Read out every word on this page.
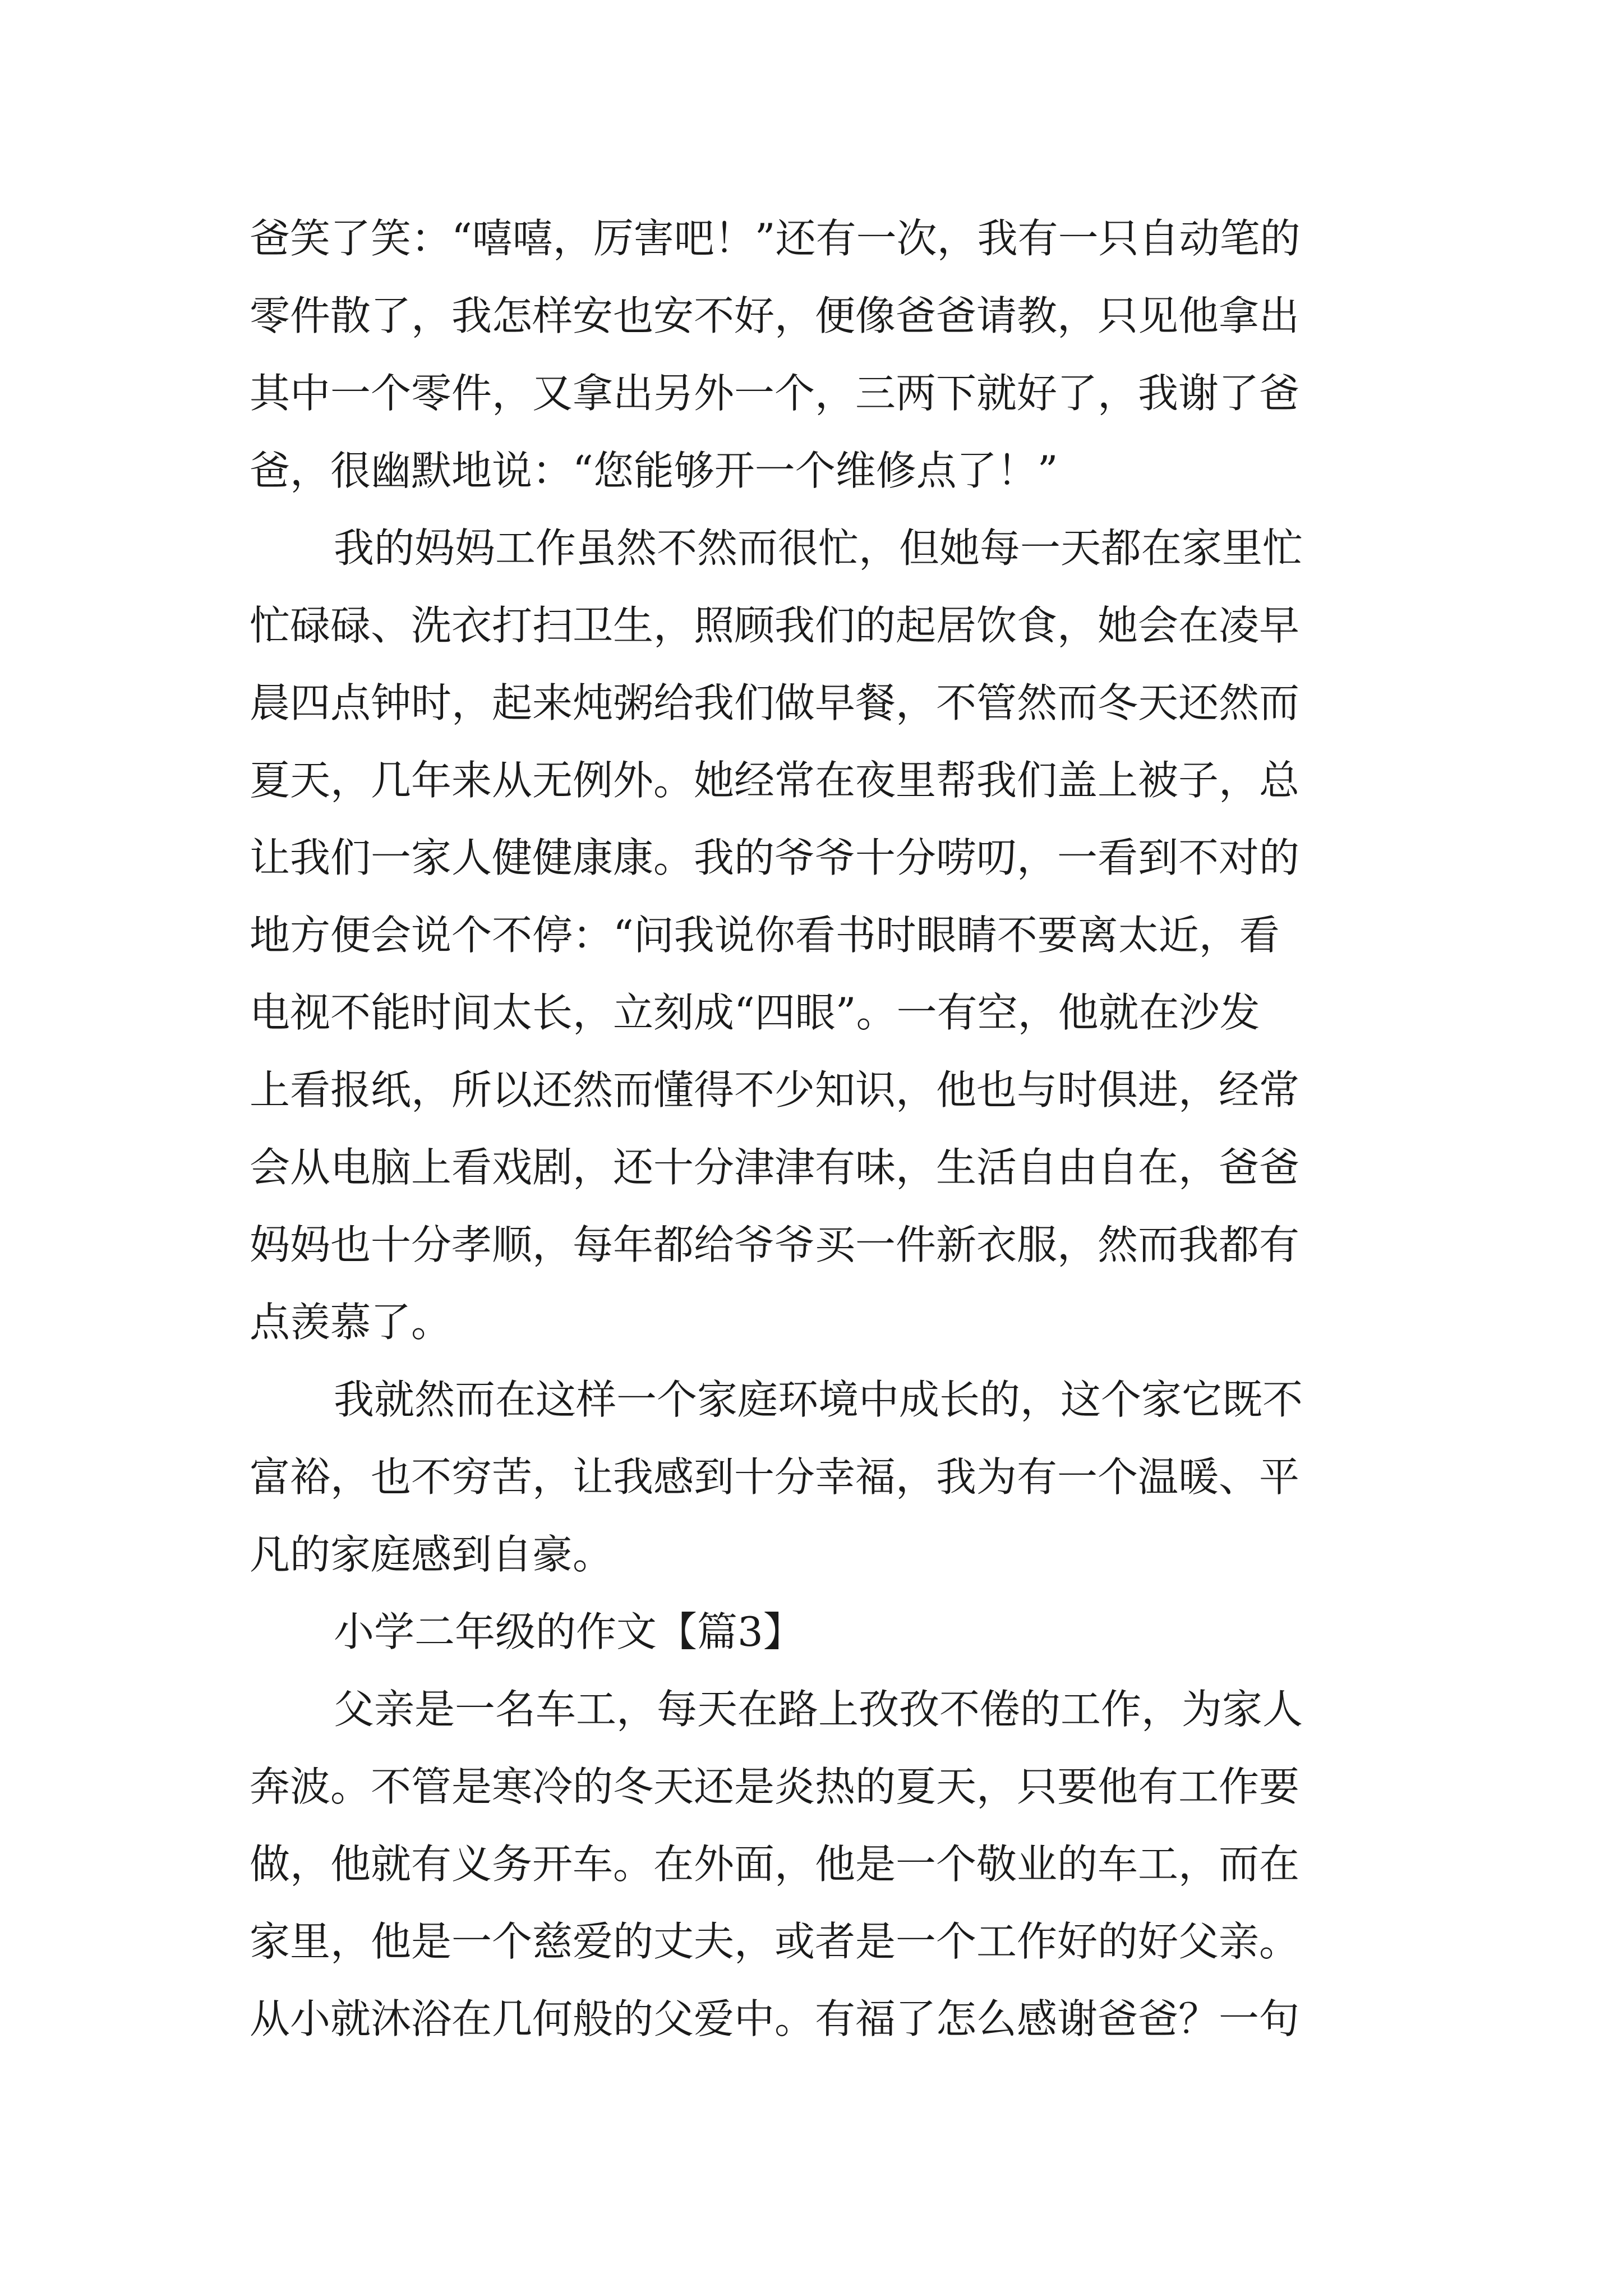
爸笑了笑：“嘻嘻，厉害吧！”还有一次，我有一只自动笔的
零件散了，我怎样安也安不好，便像爸爸请教，只见他拿出
其中一个零件，又拿出另外一个，三两下就好了，我谢了爸
爸，很幽默地说：“您能够开一个维修点了！”
我的妈妈工作虽然不然而很忙，但她每一天都在家里忙
忙碌碌、洗衣打扫卫生，照顾我们的起居饮食，她会在凌早
晨四点钟时，起来炖粥给我们做早餐，不管然而冬天还然而
夏天，几年来从无例外。她经常在夜里帮我们盖上被子，总
让我们一家人健健康康。我的爷爷十分唠叨，一看到不对的
地方便会说个不停：“问我说你看书时眼睛不要离太近，看
电视不能时间太长，立刻成“四眼”。一有空，他就在沙发
上看报纸，所以还然而懂得不少知识，他也与时俱进，经常
会从电脑上看戏剧，还十分津津有味，生活自由自在，爸爸
妈妈也十分孝顺，每年都给爷爷买一件新衣服，然而我都有
点羡慕了。
我就然而在这样一个家庭环境中成长的，这个家它既不
富裕，也不穷苦，让我感到十分幸福，我为有一个温暖、平
凡的家庭感到自豪。
小学二年级的作文【篇3】
父亲是一名车工，每天在路上孜孜不倦的工作，为家人
奔波。不管是寒冷的冬天还是炎热的夏天，只要他有工作要
做，他就有义务开车。在外面，他是一个敬业的车工，而在
家里，他是一个慈爱的丈夫，或者是一个工作好的好父亲。
从小就沐浴在几何般的父爱中。有福了怎么感谢爸爸？一句
